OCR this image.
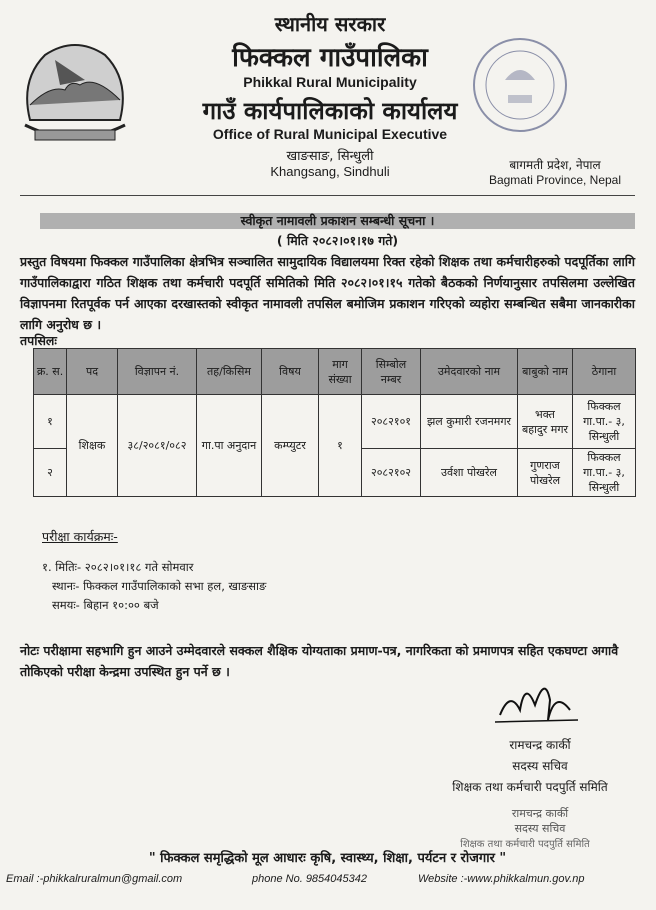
स्थानीय सरकार
फिक्कल गाउँपालिका
Phikkal Rural Municipality
गाउँ कार्यपालिकाको कार्यालय
Office of Rural Municipal Executive
खाङसाङ, सिन्धुली
Khangsang, Sindhuli	बागमती प्रदेश, नेपाल
Bagmati Province, Nepal
स्वीकृत नामावली प्रकाशन सम्बन्धी सूचना ।
( मिति २०८२।०१।१७ गते)
प्रस्तुत विषयमा फिक्कल गाउँपालिका क्षेत्रभित्र सञ्चालित सामुदायिक विद्यालयमा रिक्त रहेको शिक्षक तथा कर्मचारीहरुको पदपूर्तिका लागि गाउँपालिकाद्वारा गठित शिक्षक तथा कर्मचारी पदपूर्ति समितिको मिति २०८२।०१।१५ गतेको बैठकको निर्णयानुसार तपसिलमा उल्लेखित विज्ञापनमा रितपूर्वक पर्न आएका दरखास्तको स्वीकृत नामावली तपसिल बमोजिम प्रकाशन गरिएको व्यहोरा सम्बन्धित सबैमा जानकारीका लागि अनुरोध छ ।
तपसिलः
क्र. स.	पद	विज्ञापन नं.	तह/किसिम	विषय	माग संख्या	सिम्बोल नम्बर	उमेदवारको नाम	बाबुको नाम	ठेगाना
१	शिक्षक	३८/२०८१/०८२	गा.पा अनुदान	कम्प्युटर	१	२०८२१०१	झल कुमारी रजनमगर	भक्त बहादुर मगर	फिक्कल गा.पा.- ३, सिन्धुली
२						२०८२१०२	उर्वशा पोखरेल	गुणराज पोखरेल	फिक्कल गा.पा.- ३, सिन्धुली
परीक्षा कार्यक्रमः-
१. मितिः- २०८२।०१।१८ गते सोमवार
स्थानः- फिक्कल गाउँपालिकाको सभा हल, खाङसाङ
समयः- बिहान १०:०० बजे
नोटः परीक्षामा सहभागि हुन आउने उम्मेदवारले सक्कल शैक्षिक योग्यताका प्रमाण-पत्र, नागरिकता को प्रमाणपत्र सहित एकघण्टा अगावै तोकिएको परीक्षा केन्द्रमा उपस्थित हुन पर्ने छ ।
रामचन्द्र कार्की
सदस्य सचिव
शिक्षक तथा कर्मचारी पदपुर्ति समिति
रामचन्द्र कार्की
सदस्य सचिव
शिक्षक तथा कर्मचारी पदपुर्ति समिति
" फिक्कल समृद्धिको मूल आधारः कृषि, स्वास्थ्य, शिक्षा, पर्यटन र रोजगार "
Email :-phikkalruralmun@gmail.com	phone No. 9854045342	Website :-www.phikkalmun.gov.np
